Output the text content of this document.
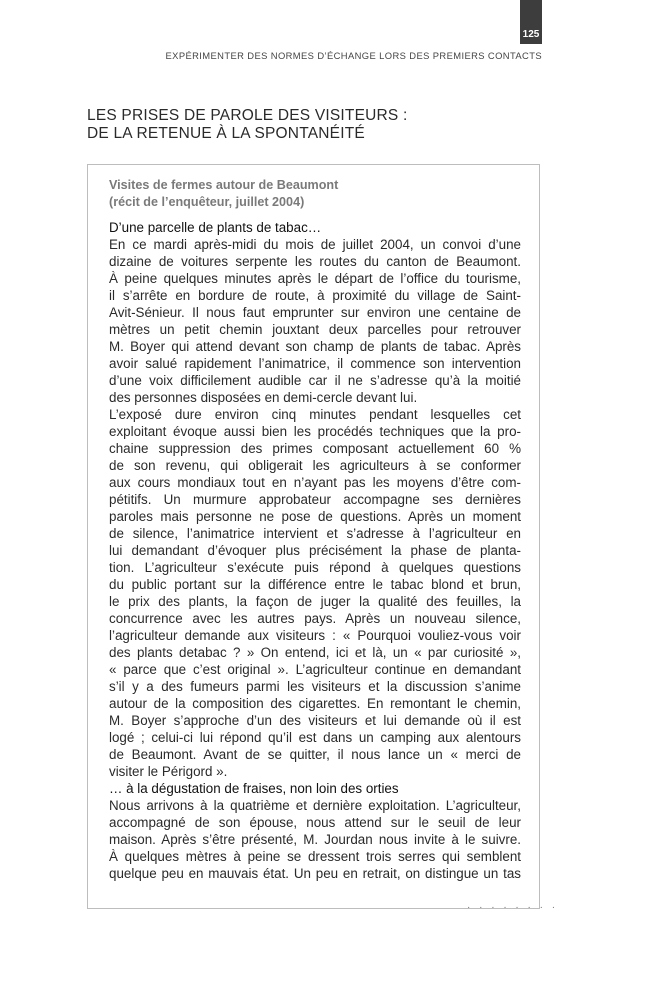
125
EXPÉRIMENTER DES NORMES D’ÉCHANGE LORS DES PREMIERS CONTACTS
LES PRISES DE PAROLE DES VISITEURS :
DE LA RETENUE À LA SPONTANÉITÉ
Visites de fermes autour de Beaumont
(récit de l’enquêteur, juillet 2004)
D’une parcelle de plants de tabac…

En ce mardi après-midi du mois de juillet 2004, un convoi d’une
dizaine de voitures serpente les routes du canton de Beaumont.
À peine quelques minutes après le départ de l’office du tourisme,
il s’arrête en bordure de route, à proximité du village de Saint-
Avit-Sénieur. Il nous faut emprunter sur environ une centaine de
mètres un petit chemin jouxtant deux parcelles pour retrouver
M. Boyer qui attend devant son champ de plants de tabac. Après
avoir salué rapidement l’animatrice, il commence son intervention
d’une voix difficilement audible car il ne s’adresse qu’à la moitié
des personnes disposées en demi-cercle devant lui.

L’exposé dure environ cinq minutes pendant lesquelles cet
exploitant évoque aussi bien les procédés techniques que la pro-
chaine suppression des primes composant actuellement 60 %
de son revenu, qui obligerait les agriculteurs à se conformer
aux cours mondiaux tout en n’ayant pas les moyens d’être com-
pétitifs. Un murmure approbateur accompagne ses dernières
paroles mais personne ne pose de questions. Après un moment
de silence, l’animatrice intervient et s’adresse à l’agriculteur en
lui demandant d’évoquer plus précisément la phase de planta-
tion. L’agriculteur s’exécute puis répond à quelques questions
du public portant sur la différence entre le tabac blond et brun,
le prix des plants, la façon de juger la qualité des feuilles, la
concurrence avec les autres pays. Après un nouveau silence,
l’agriculteur demande aux visiteurs : « Pourquoi vouliez-vous voir
des plants detabac ? » On entend, ici et là, un « par curiosité »,
« parce que c’est original ». L’agriculteur continue en demandant
s’il y a des fumeurs parmi les visiteurs et la discussion s’anime
autour de la composition des cigarettes. En remontant le chemin,
M. Boyer s’approche d’un des visiteurs et lui demande où il est
logé ; celui-ci lui répond qu’il est dans un camping aux alentours
de Beaumont. Avant de se quitter, il nous lance un « merci de
visiter le Périgord ».

… à la dégustation de fraises, non loin des orties

Nous arrivons à la quatrième et dernière exploitation. L’agriculteur,
accompagné de son épouse, nous attend sur le seuil de leur
maison. Après s’être présenté, M. Jourdan nous invite à le suivre.
À quelques mètres à peine se dressent trois serres qui semblent
quelque peu en mauvais état. Un peu en retrait, on distingue un tas

· · · · · · · ·
